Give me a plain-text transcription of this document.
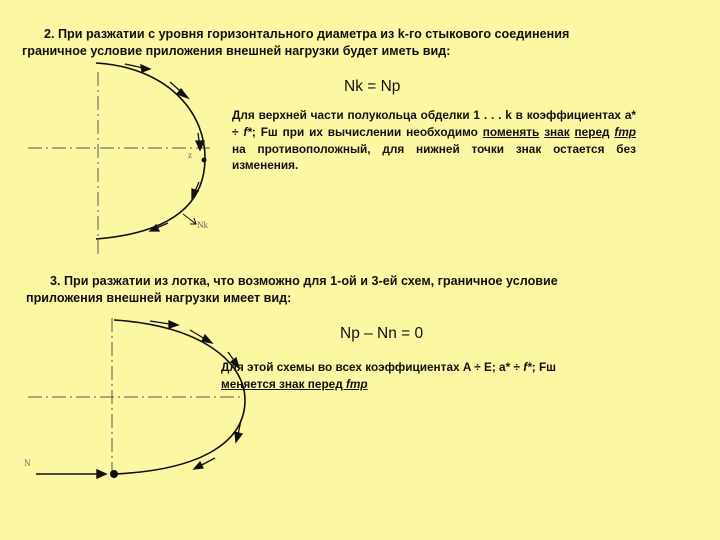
z
Nk
N
2. При разжатии с уровня горизонтального диаметра из k-го стыкового соединения
граничное условие приложения внешней нагрузки будет иметь вид:
Nk = Np
Для верхней части полукольца обделки 1 . . . k в коэффициентах a* ÷ f*; Fш при их вычислении необходимо поменять знак перед fтр на противоположный, для нижней точки знак остается без изменения.
3. При разжатии из лотка, что возможно для 1-ой и 3-ей схем, граничное условие
приложения внешней нагрузки имеет вид:
Np – Nn = 0
Для этой схемы во всех коэффициентах A ÷ E; a* ÷ f*; Fш
меняется знак перед fтр
